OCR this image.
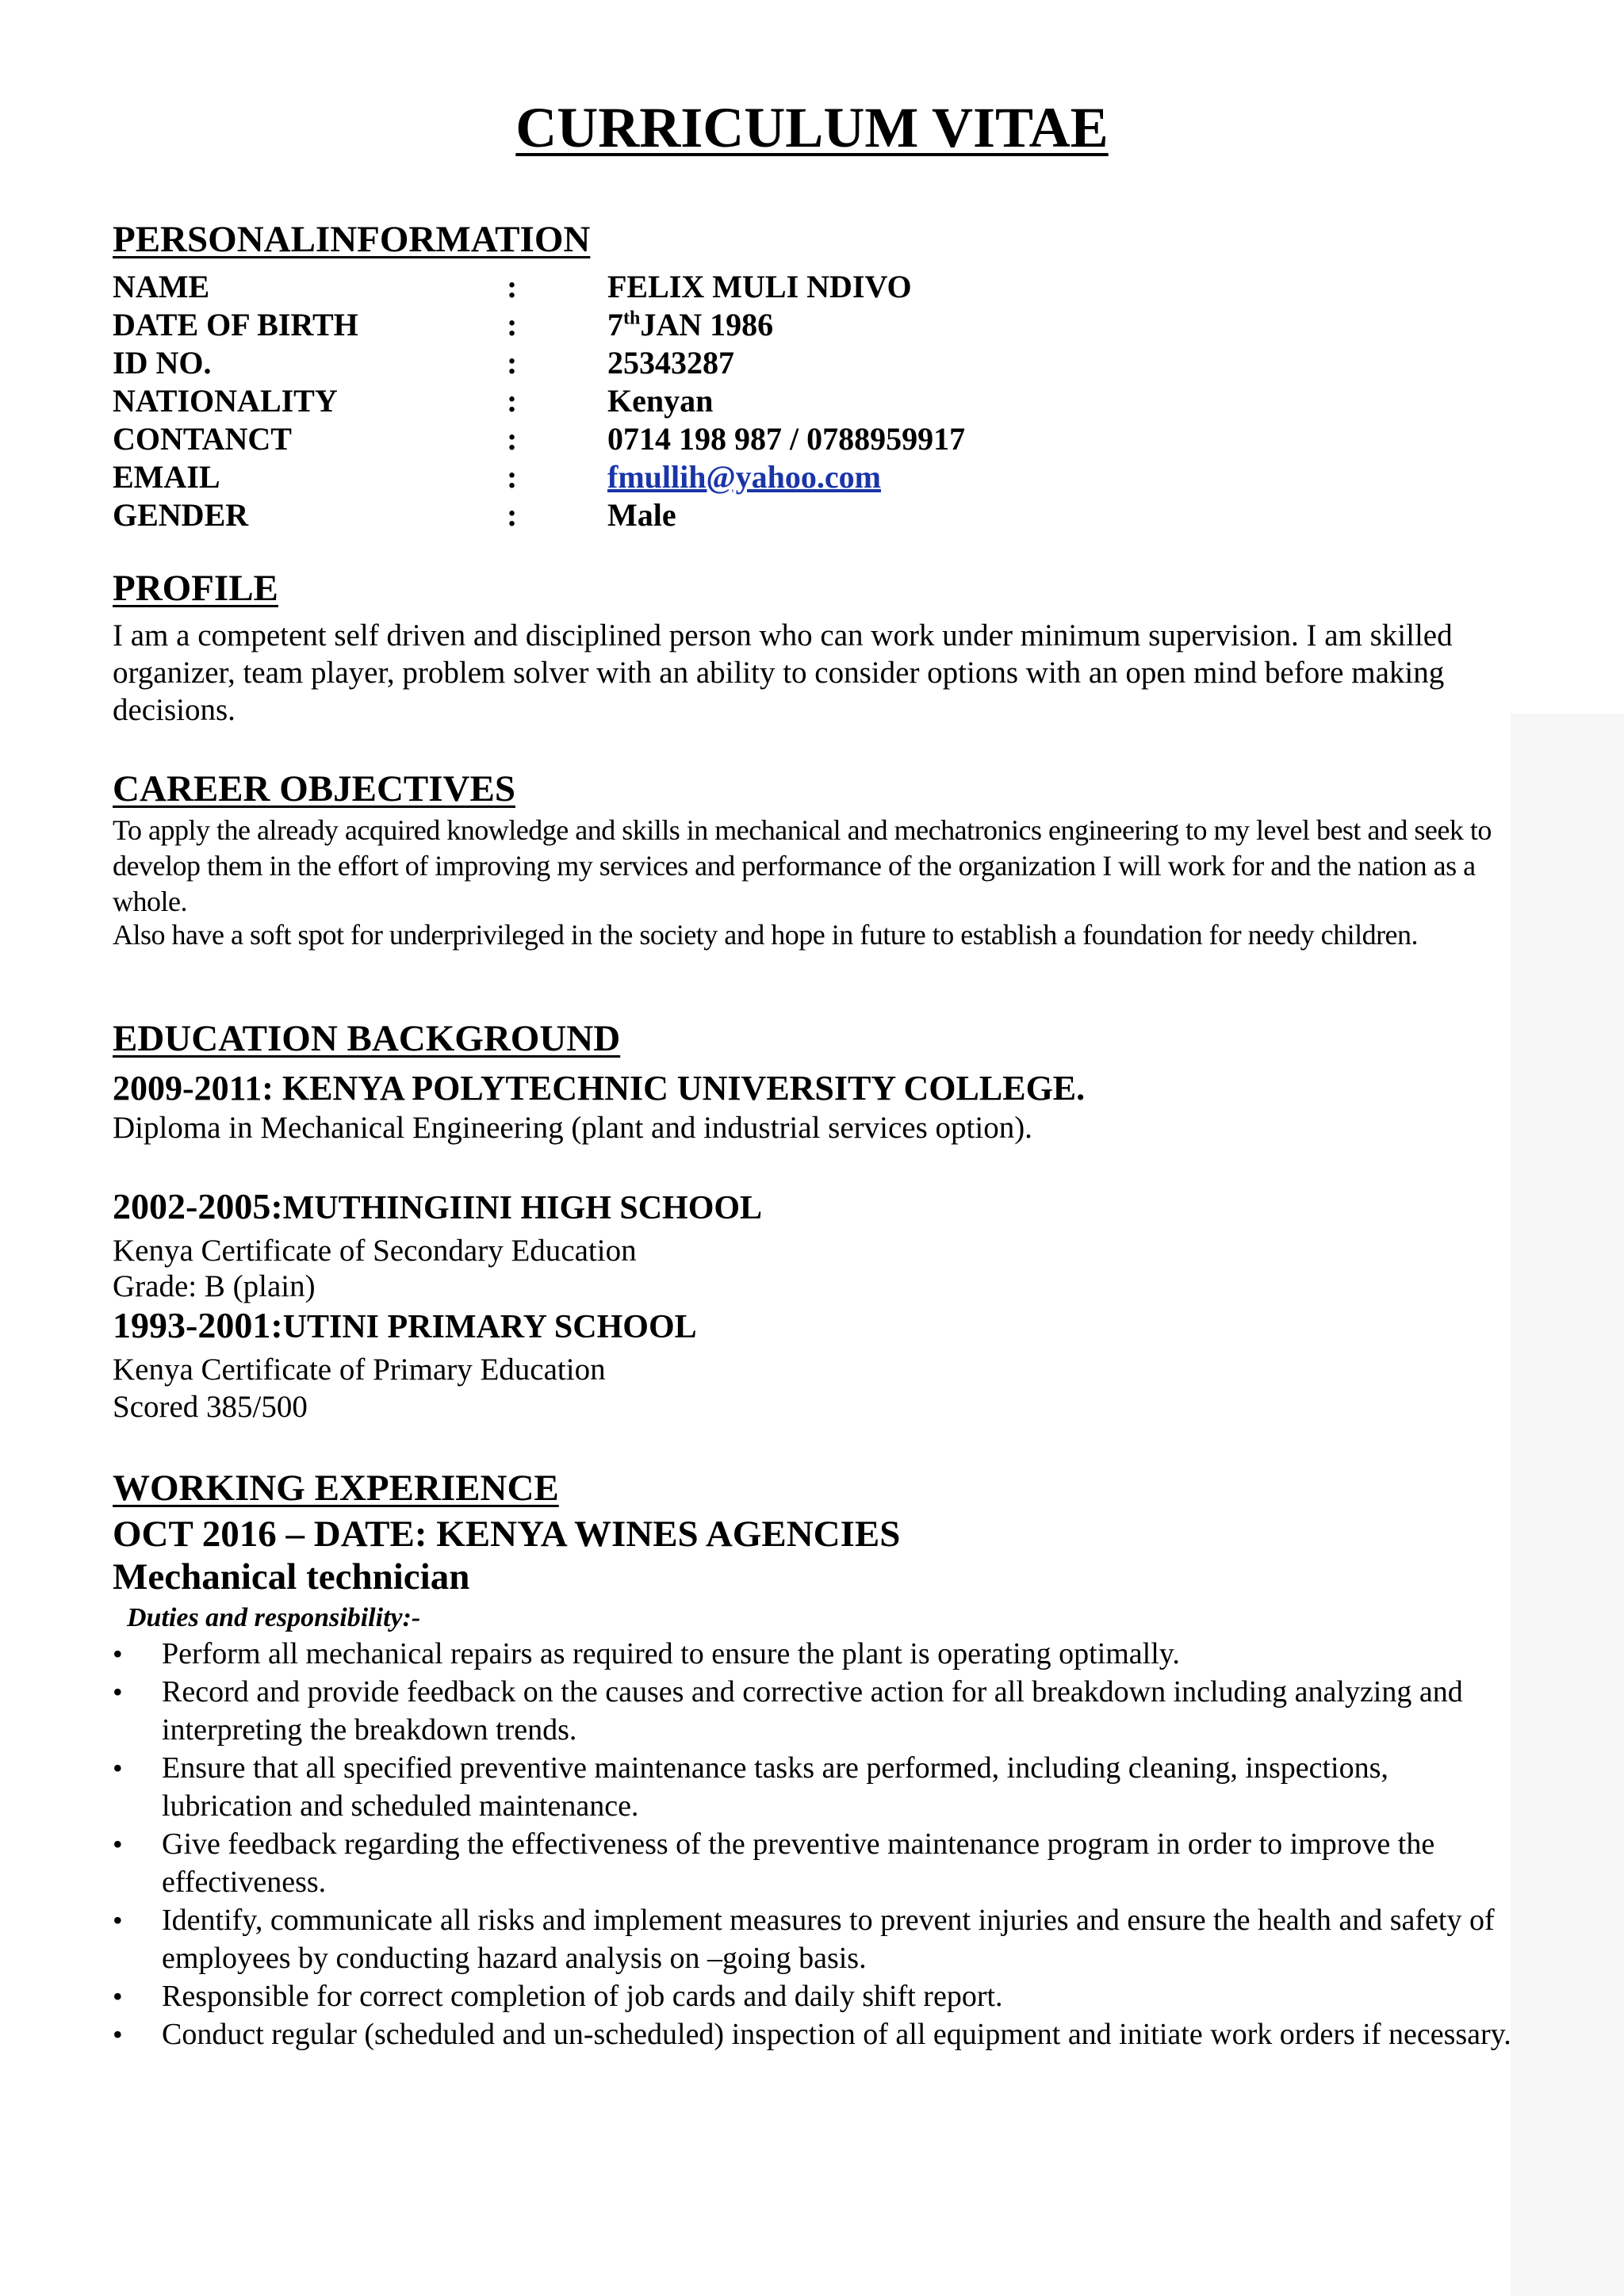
CURRICULUM VITAE
PERSONALINFORMATION
NAME	:	FELIX MULI NDIVO
DATE OF BIRTH	:	7thJAN 1986
ID NO.	:	25343287
NATIONALITY	:	Kenyan
CONTANCT	:	0714 198 987 / 0788959917
EMAIL	:	fmullih@yahoo.com
GENDER	:	Male
PROFILE
I am a competent self driven and disciplined person who can work under minimum supervision. I am skilled organizer, team player, problem solver with an ability to consider options with an open mind before making decisions.
CAREER OBJECTIVES
To apply the already acquired knowledge and skills in mechanical and mechatronics engineering to my level best and seek to develop them in the effort of improving my services and performance of the organization I will work for and the nation as a whole.
Also have a soft spot for underprivileged in the society and hope in future to establish a foundation for needy children.
EDUCATION BACKGROUND
2009-2011: KENYA POLYTECHNIC UNIVERSITY COLLEGE.
Diploma in Mechanical Engineering (plant and industrial services option).
2002-2005:MUTHINGIINI HIGH SCHOOL
Kenya Certificate of Secondary Education
Grade: B (plain)
1993-2001:UTINI PRIMARY SCHOOL
Kenya Certificate of Primary Education
Scored 385/500
WORKING EXPERIENCE
OCT 2016 – DATE: KENYA WINES AGENCIES
Mechanical technician
Duties and responsibility:-
• Perform all mechanical repairs as required to ensure the plant is operating optimally.
• Record and provide feedback on the causes and corrective action for all breakdown including analyzing and interpreting the breakdown trends.
• Ensure that all specified preventive maintenance tasks are performed, including cleaning, inspections, lubrication and scheduled maintenance.
• Give feedback regarding the effectiveness of the preventive maintenance program in order to improve the effectiveness.
• Identify, communicate all risks and implement measures to prevent injuries and ensure the health and safety of employees by conducting hazard analysis on –going basis.
• Responsible for correct completion of job cards and daily shift report.
• Conduct regular (scheduled and un-scheduled) inspection of all equipment and initiate work orders if necessary.
